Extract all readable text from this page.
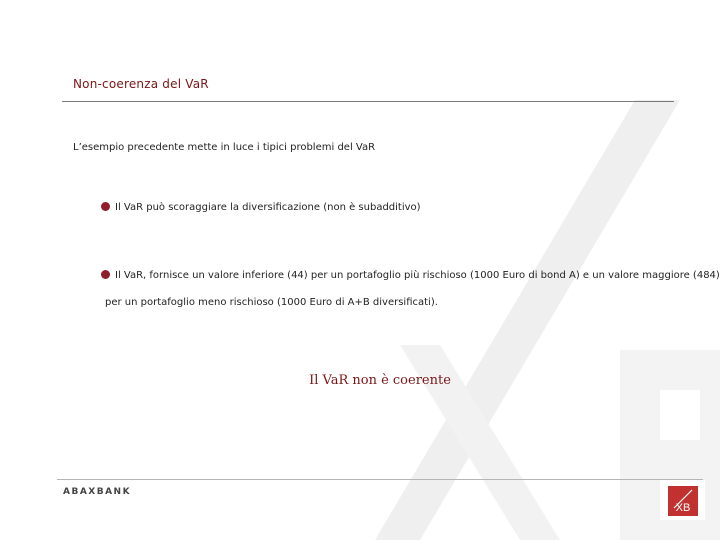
Non-coerenza del VaR
L’esempio precedente mette in luce i tipici problemi del VaR
Il VaR può scoraggiare la diversificazione (non è subadditivo)
Il VaR, fornisce un valore inferiore (44) per un portafoglio più rischioso (1000 Euro di bond A) e un valore maggiore (484)
per un portafoglio meno rischioso (1000 Euro di A+B diversificati).
Il VaR non è coerente
ABAXBANK
XB
